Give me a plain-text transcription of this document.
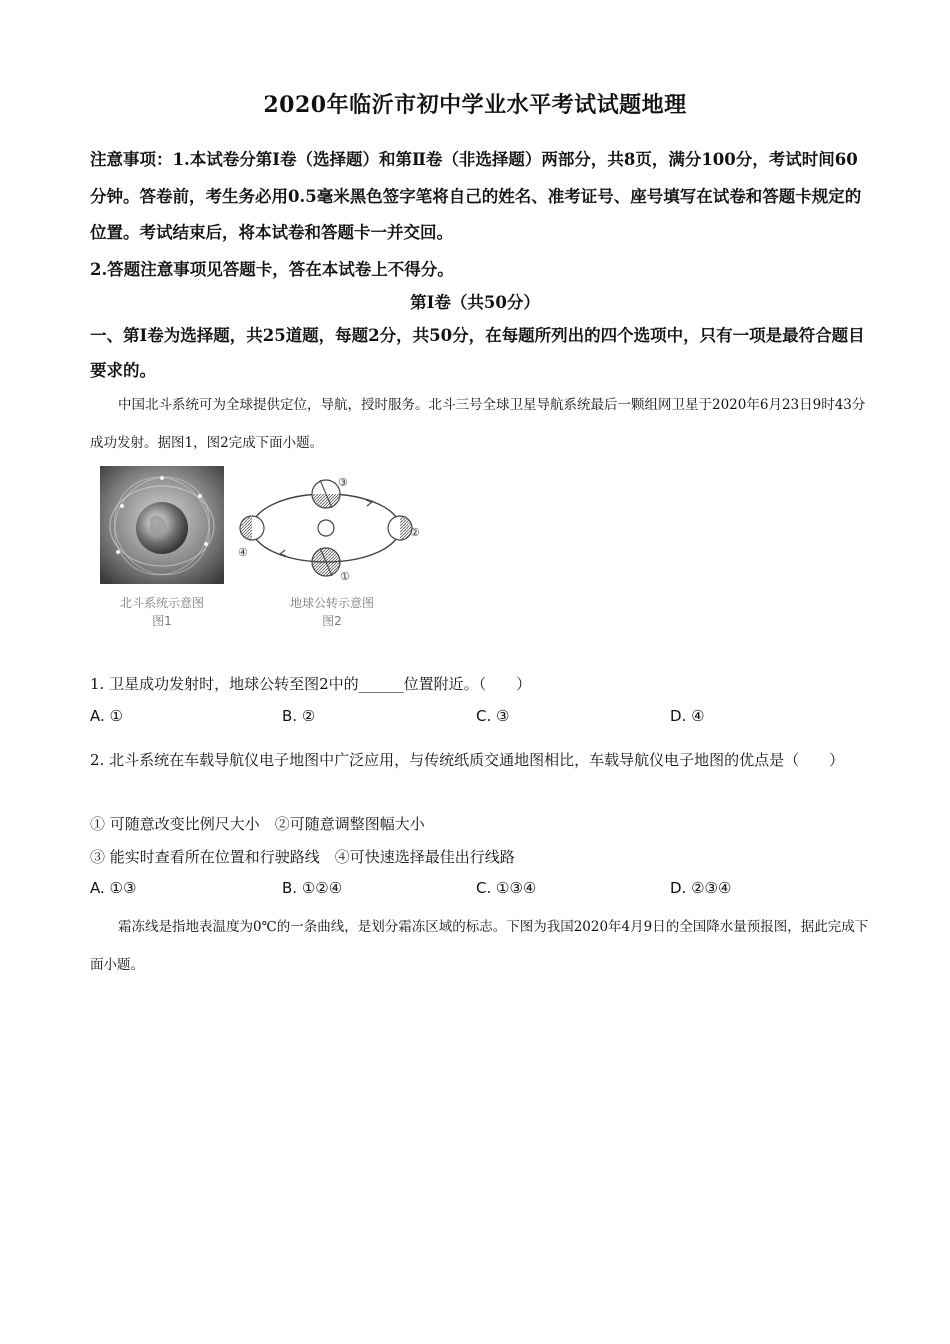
2020年临沂市初中学业水平考试试题地理

注意事项：1.本试卷分第Ⅰ卷（选择题）和第Ⅱ卷（非选择题）两部分，共8页，满分100分，考试时间60分钟。答卷前，考生务必用0.5毫米黑色签字笔将自己的姓名、准考证号、座号填写在试卷和答题卡规定的位置。考试结束后，将本试卷和答题卡一并交回。

2.答题注意事项见答题卡，答在本试卷上不得分。

第Ⅰ卷（共50分）
一、第Ⅰ卷为选择题，共25道题，每题2分，共50分，在每题所列出的四个选项中，只有一项是最符合题目要求的。
中国北斗系统可为全球提供定位，导航，授时服务。北斗三号全球卫星导航系统最后一颗组网卫星于2020年6月23日9时43分成功发射。据图1，图2完成下面小题。
③
②
①
④
北斗系统示意图
图1
地球公转示意图
图2
1. 卫星成功发射时，地球公转至图2中的______位置附近。（　　）
A. ①	B. ②	C. ③	D. ④
2. 北斗系统在车载导航仪电子地图中广泛应用，与传统纸质交通地图相比，车载导航仪电子地图的优点是（　　）
① 可随意改变比例尺大小　②可随意调整图幅大小
③ 能实时查看所在位置和行驶路线　④可快速选择最佳出行线路
A. ①③	B. ①②④	C. ①③④	D. ②③④
霜冻线是指地表温度为0℃的一条曲线，是划分霜冻区域的标志。下图为我国2020年4月9日的全国降水量预报图，据此完成下面小题。
